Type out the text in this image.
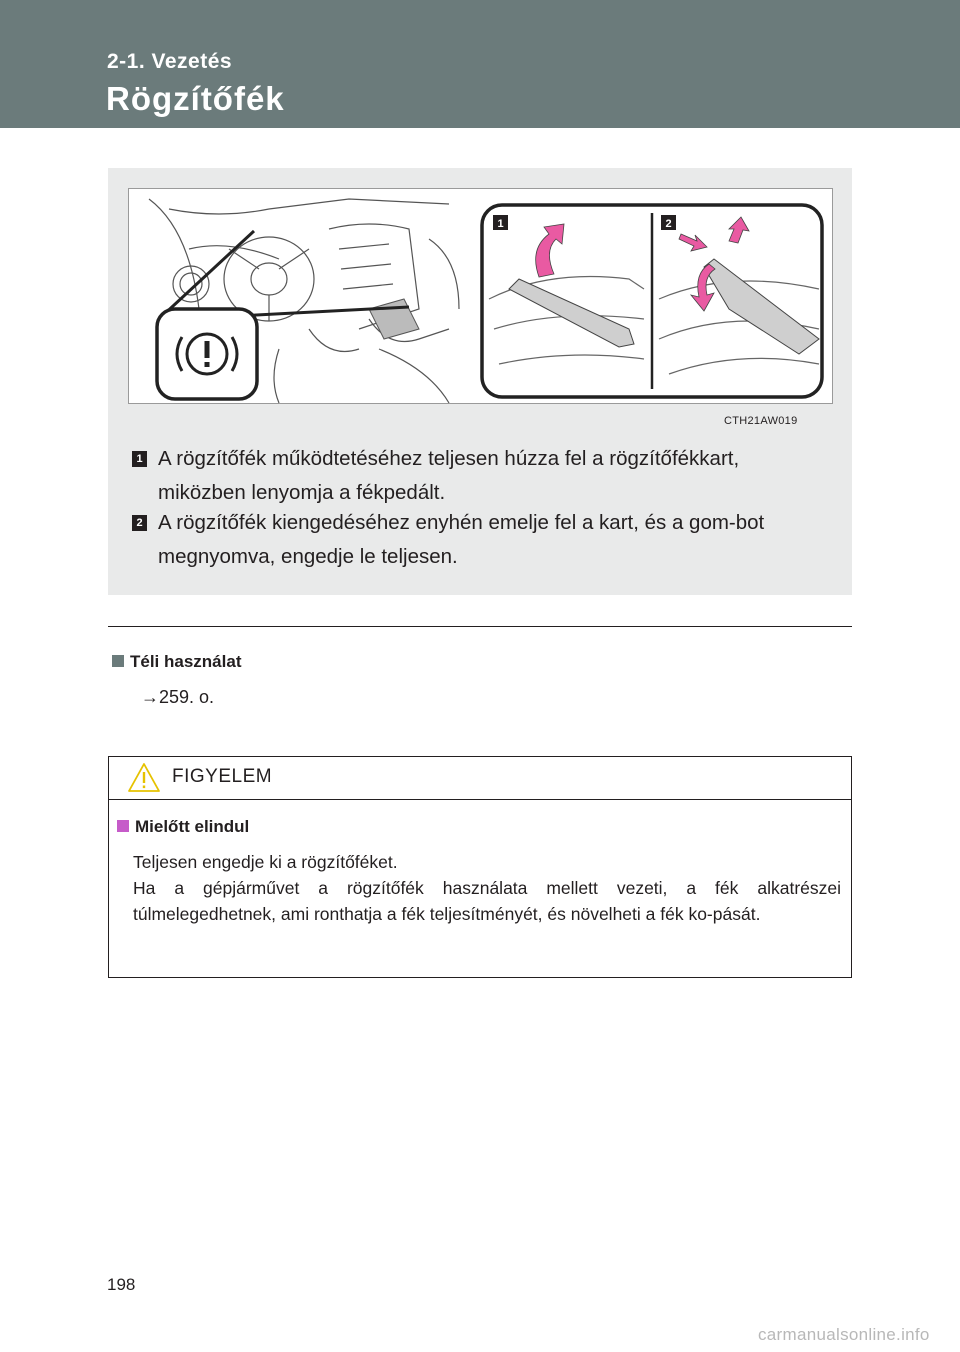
2-1. Vezetés
Rögzítőfék
1	2
CTH21AW019
1 A rögzítőfék működtetéséhez teljesen húzza fel a rögzítőfékkart, miközben lenyomja a fékpedált.
2 A rögzítőfék kiengedéséhez enyhén emelje fel a kart, és a gom-bot megnyomva, engedje le teljesen.
Téli használat
→259. o.
FIGYELEM
Mielőtt elindul

Teljesen engedje ki a rögzítőféket.

Ha a gépjárművet a rögzítőfék használata mellett vezeti, a fék alkatrészei túlmelegedhetnek, ami ronthatja a fék teljesítményét, és növelheti a fék ko-pását.

198
carmanualsonline.info
